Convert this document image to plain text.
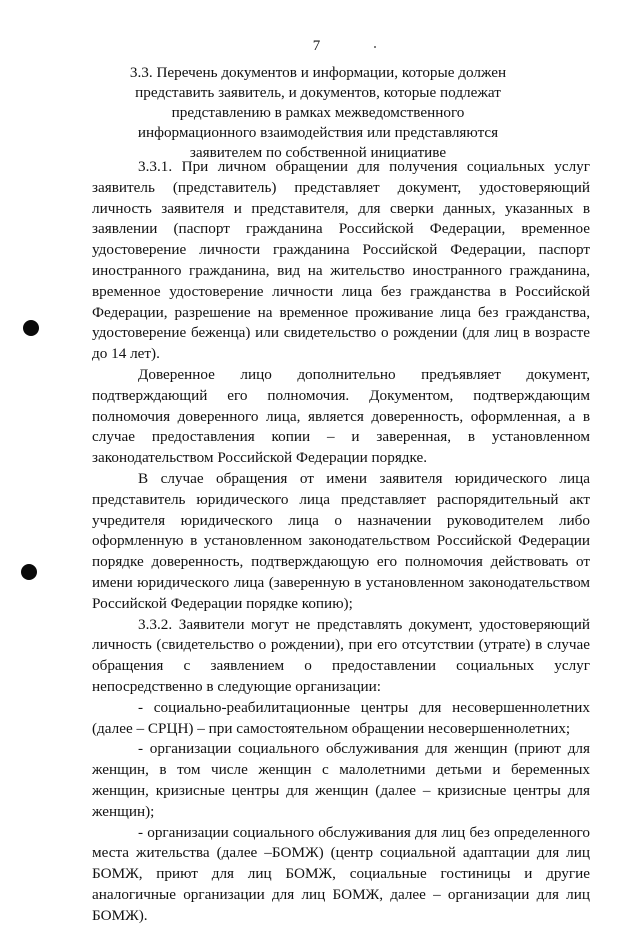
7
3.3. Перечень документов и информации, которые должен
представить заявитель, и документов, которые подлежат
представлению в рамках межведомственного
информационного взаимодействия или представляются
заявителем по собственной инициативе

3.3.1. При личном обращении для получения социальных услуг заявитель (представитель) представляет документ, удостоверяющий личность заявителя и представителя, для сверки данных, указанных в заявлении (паспорт гражданина Российской Федерации, временное удостоверение личности гражданина Российской Федерации, паспорт иностранного гражданина, вид на жительство иностранного гражданина, временное удостоверение личности лица без гражданства в Российской Федерации, разрешение на временное проживание лица без гражданства, удостоверение беженца) или свидетельство о рождении (для лиц в возрасте до 14 лет).

Доверенное лицо дополнительно предъявляет документ, подтверждающий его полномочия. Документом, подтверждающим полномочия доверенного лица, является доверенность, оформленная, а в случае предоставления копии – и заверенная, в установленном законодательством Российской Федерации порядке.

В случае обращения от имени заявителя юридического лица представитель юридического лица представляет распорядительный акт учредителя юридического лица о назначении руководителем либо оформленную в установленном законодательством Российской Федерации порядке доверенность, подтверждающую его полномочия действовать от имени юридического лица (заверенную в установленном законодательством Российской Федерации порядке копию);

3.3.2. Заявители могут не представлять документ, удостоверяющий личность (свидетельство о рождении), при его отсутствии (утрате) в случае обращения с заявлением о предоставлении социальных услуг непосредственно в следующие организации:

- социально-реабилитационные центры для несовершеннолетних (далее – СРЦН) – при самостоятельном обращении несовершеннолетних;

- организации социального обслуживания для женщин (приют для женщин, в том числе женщин с малолетними детьми и беременных женщин, кризисные центры для женщин (далее – кризисные центры для женщин);

- организации социального обслуживания для лиц без определенного места жительства (далее –БОМЖ) (центр социальной адаптации для лиц БОМЖ, приют для лиц БОМЖ, социальные гостиницы и другие аналогичные организации для лиц БОМЖ, далее – организации для лиц БОМЖ).
